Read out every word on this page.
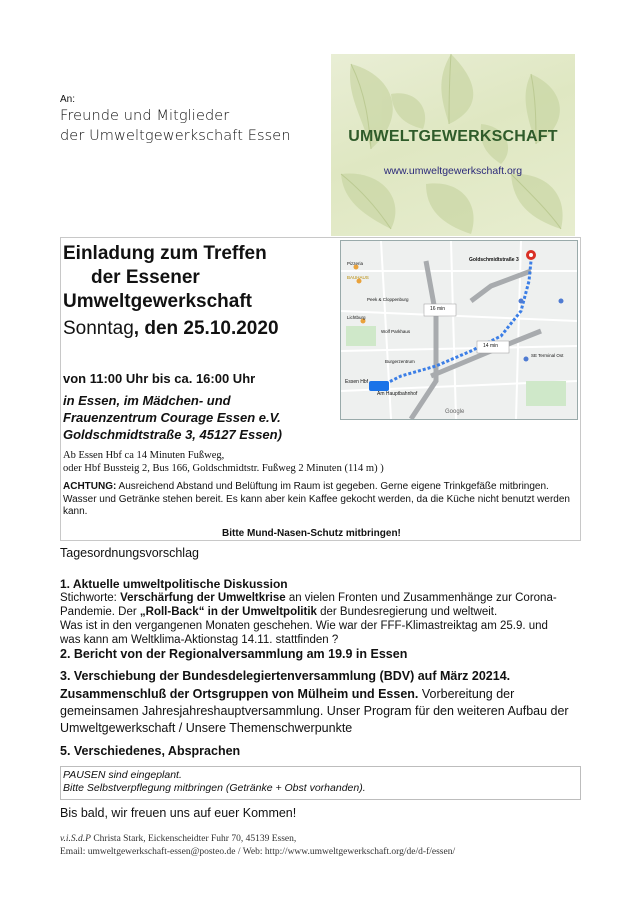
An:
Freunde und Mitglieder
der Umweltgewerkschaft Essen	UMWELTGEWERKSCHAFT
www.umweltgewerkschaft.org
Einladung zum Treffen
der Essener
Umweltgewerkschaft
Sonntag, den 25.10.2020
von 11:00 Uhr bis ca. 16:00 Uhr
in Essen, im Mädchen- und
Frauenzentrum Courage Essen e.V.
Goldschmidtstraße 3, 45127 Essen)
Ab Essen Hbf ca 14 Minuten Fußweg,
oder Hbf Bussteig 2, Bus 166, Goldschmidtstr. Fußweg 2 Minuten (114 m) )
ACHTUNG: Ausreichend Abstand und Belüftung im Raum ist gegeben. Gerne eigene Trinkgefäße mitbringen. Wasser und Getränke stehen bereit. Es kann aber kein Kaffee gekocht werden, da die Küche nicht benutzt werden kann.
Bitte Mund-Nasen-Schutz mitbringen!
Goldschmidtstraße 3
16 min
14 min
Essen Hbf
Am Hauptbahnhof
Google
Pizzeria
BAUHAUS
Peek & Cloppenburg
Lichtburg
Wolf Parkhaus
Burgerzentrum
SE Terminal Ost
Tagesordnungsvorschlag
1. Aktuelle umweltpolitische Diskussion
Stichworte: Verschärfung der Umweltkrise an vielen Fronten und Zusammenhänge zur Corona-Pandemie. Der „Roll-Back“ in der Umweltpolitik der Bundesregierung und weltweit.
Was ist in den vergangenen Monaten geschehen. Wie war der FFF-Klimastreiktag am 25.9. und
was kann am Weltklima-Aktionstag 14.11. stattfinden ?
2. Bericht von der Regionalversammlung am 19.9 in Essen
3. Verschiebung der Bundesdelegiertenversammlung (BDV) auf März 20214.
Zusammenschluß der Ortsgruppen von Mülheim und Essen. Vorbereitung der gemeinsamen Jahresjahreshauptversammlung. Unser Program für den weiteren Aufbau der Umweltgewerkschaft / Unsere Themenschwerpunkte
5. Verschiedenes, Absprachen
PAUSEN sind eingeplant.
Bitte Selbstverpflegung mitbringen (Getränke + Obst vorhanden).
Bis bald, wir freuen uns auf euer Kommen!
v.i.S.d.P Christa Stark, Eickenscheidter Fuhr 70, 45139 Essen,
Email: umweltgewerkschaft-essen@posteo.de / Web: http://www.umweltgewerkschaft.org/de/d-f/essen/
